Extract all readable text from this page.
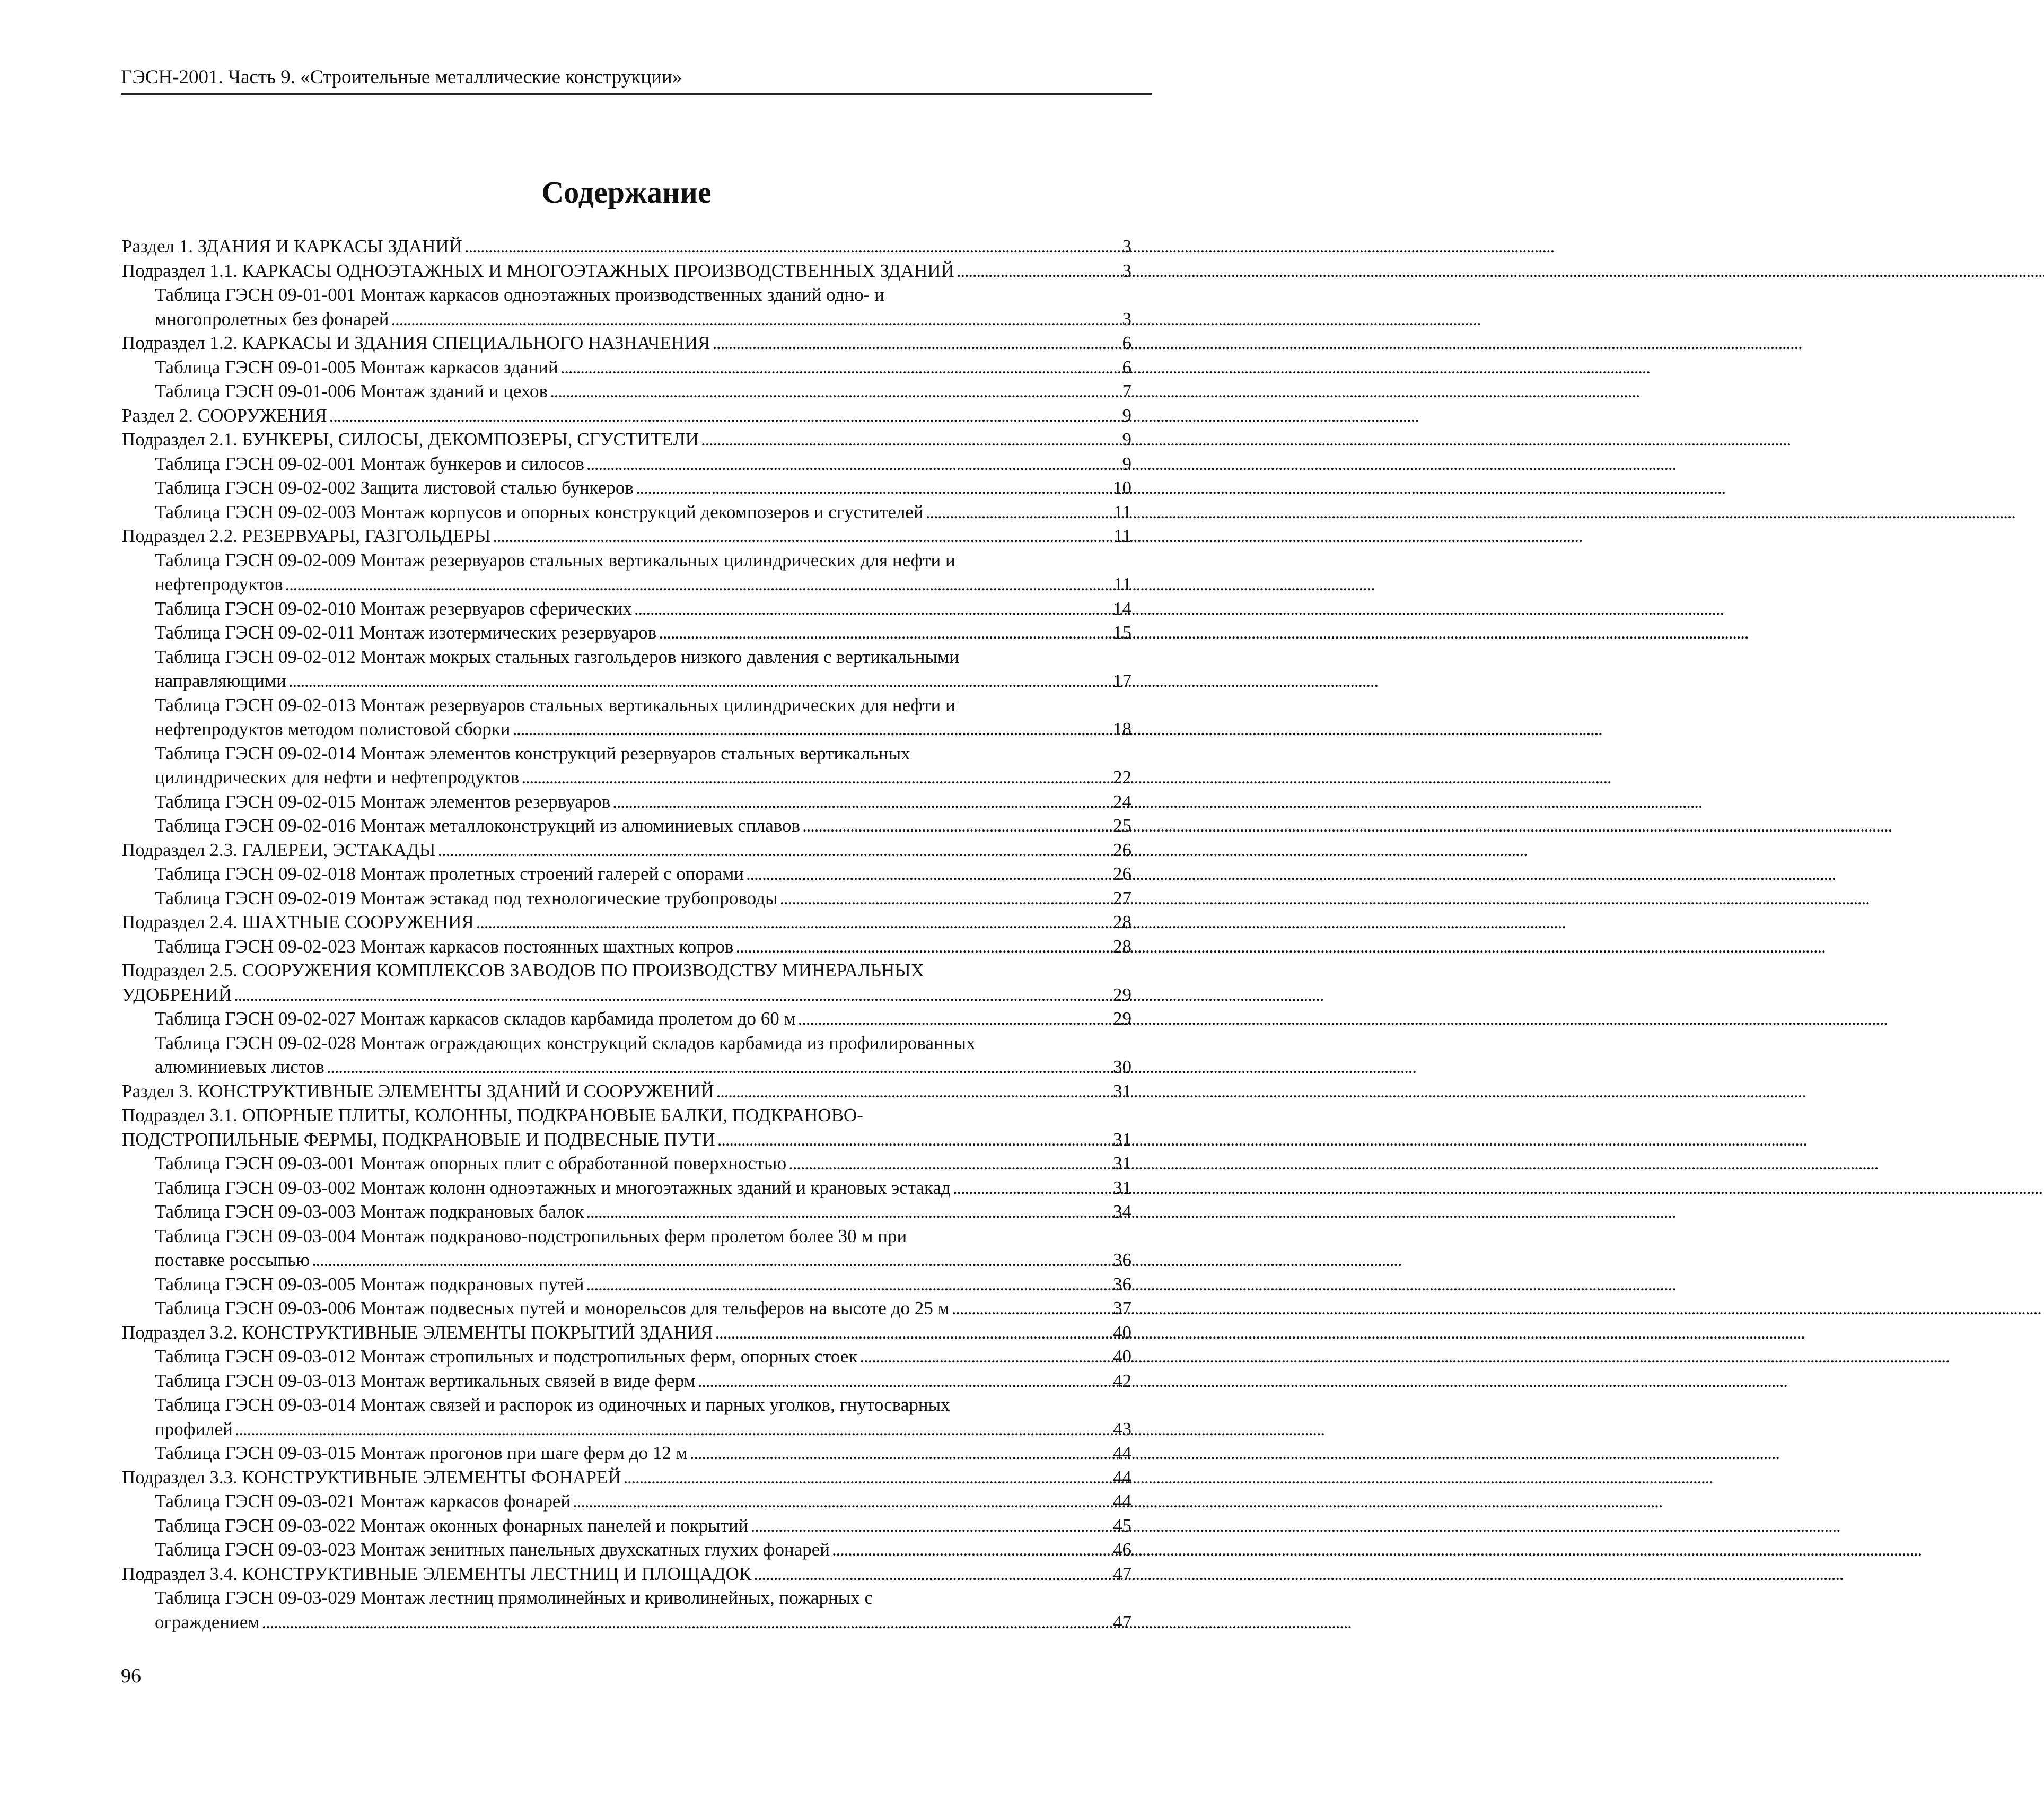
ГЭСН-2001. Часть 9. «Строительные металлические конструкции»
Содержание
Раздел 1. ЗДАНИЯ И КАРКАСЫ ЗДАНИЙ . . .	3
Подраздел 1.1. КАРКАСЫ ОДНОЭТАЖНЫХ И МНОГОЭТАЖНЫХ ПРОИЗВОДСТВЕННЫХ ЗДАНИЙ . . .	3
Таблица ГЭСН 09-01-001 Монтаж каркасов одноэтажных производственных зданий одно- и
многопролетных без фонарей . . .	3
Подраздел 1.2. КАРКАСЫ И ЗДАНИЯ СПЕЦИАЛЬНОГО НАЗНАЧЕНИЯ . . .	6
Таблица ГЭСН 09-01-005 Монтаж каркасов зданий . . .	6
Таблица ГЭСН 09-01-006 Монтаж зданий и цехов . . .	7
Раздел 2. СООРУЖЕНИЯ . . .	9
Подраздел 2.1. БУНКЕРЫ, СИЛОСЫ, ДЕКОМПОЗЕРЫ, СГУСТИТЕЛИ . . .	9
Таблица ГЭСН 09-02-001 Монтаж бункеров и силосов . . .	9
Таблица ГЭСН 09-02-002 Защита листовой сталью бункеров . . .	10
Таблица ГЭСН 09-02-003 Монтаж корпусов и опорных конструкций декомпозеров и сгустителей . . .	11
Подраздел 2.2. РЕЗЕРВУАРЫ, ГАЗГОЛЬДЕРЫ . . .	11
Таблица ГЭСН 09-02-009 Монтаж резервуаров стальных вертикальных цилиндрических для нефти и
нефтепродуктов . . .	11
Таблица ГЭСН 09-02-010 Монтаж резервуаров сферических . . .	14
Таблица ГЭСН 09-02-011 Монтаж изотермических резервуаров . . .	15
Таблица ГЭСН 09-02-012 Монтаж мокрых стальных газгольдеров низкого давления с вертикальными
направляющими . . .	17
Таблица ГЭСН 09-02-013 Монтаж резервуаров стальных вертикальных цилиндрических для нефти и
нефтепродуктов методом полистовой сборки . . .	18
Таблица ГЭСН 09-02-014 Монтаж элементов конструкций резервуаров стальных вертикальных
цилиндрических для нефти и нефтепродуктов . . .	22
Таблица ГЭСН 09-02-015 Монтаж элементов резервуаров . . .	24
Таблица ГЭСН 09-02-016 Монтаж металлоконструкций из алюминиевых сплавов . . .	25
Подраздел 2.3. ГАЛЕРЕИ, ЭСТАКАДЫ . . .	26
Таблица ГЭСН 09-02-018 Монтаж пролетных строений галерей с опорами . . .	26
Таблица ГЭСН 09-02-019 Монтаж эстакад под технологические трубопроводы . . .	27
Подраздел 2.4. ШАХТНЫЕ СООРУЖЕНИЯ . . .	28
Таблица ГЭСН 09-02-023 Монтаж каркасов постоянных шахтных копров . . .	28
Подраздел 2.5. СООРУЖЕНИЯ КОМПЛЕКСОВ ЗАВОДОВ ПО ПРОИЗВОДСТВУ МИНЕРАЛЬНЫХ
УДОБРЕНИЙ . . .	29
Таблица ГЭСН 09-02-027 Монтаж каркасов складов карбамида пролетом до 60 м . . .	29
Таблица ГЭСН 09-02-028 Монтаж ограждающих конструкций складов карбамида из профилированных
алюминиевых листов . . .	30
Раздел 3. КОНСТРУКТИВНЫЕ ЭЛЕМЕНТЫ ЗДАНИЙ И СООРУЖЕНИЙ . . .	31
Подраздел 3.1. ОПОРНЫЕ ПЛИТЫ, КОЛОННЫ, ПОДКРАНОВЫЕ БАЛКИ, ПОДКРАНОВО-
ПОДСТРОПИЛЬНЫЕ ФЕРМЫ, ПОДКРАНОВЫЕ И ПОДВЕСНЫЕ ПУТИ . . .	31
Таблица ГЭСН 09-03-001 Монтаж опорных плит с обработанной поверхностью . . .	31
Таблица ГЭСН 09-03-002 Монтаж колонн одноэтажных и многоэтажных зданий и крановых эстакад . . .	31
Таблица ГЭСН 09-03-003 Монтаж подкрановых балок . . .	34
Таблица ГЭСН 09-03-004 Монтаж подкраново-подстропильных ферм пролетом более 30 м при
поставке россыпью . . .	36
Таблица ГЭСН 09-03-005 Монтаж подкрановых путей . . .	36
Таблица ГЭСН 09-03-006 Монтаж подвесных путей и монорельсов для тельферов на высоте до 25 м . . .	37
Подраздел 3.2. КОНСТРУКТИВНЫЕ ЭЛЕМЕНТЫ ПОКРЫТИЙ ЗДАНИЯ . . .	40
Таблица ГЭСН 09-03-012 Монтаж стропильных и подстропильных ферм, опорных стоек . . .	40
Таблица ГЭСН 09-03-013 Монтаж вертикальных связей в виде ферм . . .	42
Таблица ГЭСН 09-03-014 Монтаж связей и распорок из одиночных и парных уголков, гнутосварных
профилей . . .	43
Таблица ГЭСН 09-03-015 Монтаж прогонов при шаге ферм до 12 м . . .	44
Подраздел 3.3. КОНСТРУКТИВНЫЕ ЭЛЕМЕНТЫ ФОНАРЕЙ . . .	44
Таблица ГЭСН 09-03-021 Монтаж каркасов фонарей . . .	44
Таблица ГЭСН 09-03-022 Монтаж оконных фонарных панелей и покрытий . . .	45
Таблица ГЭСН 09-03-023 Монтаж зенитных панельных двухскатных глухих фонарей . . .	46
Подраздел 3.4. КОНСТРУКТИВНЫЕ ЭЛЕМЕНТЫ ЛЕСТНИЦ И ПЛОЩАДОК . . .	47
Таблица ГЭСН 09-03-029 Монтаж лестниц прямолинейных и криволинейных, пожарных с
ограждением . . .	47
96
